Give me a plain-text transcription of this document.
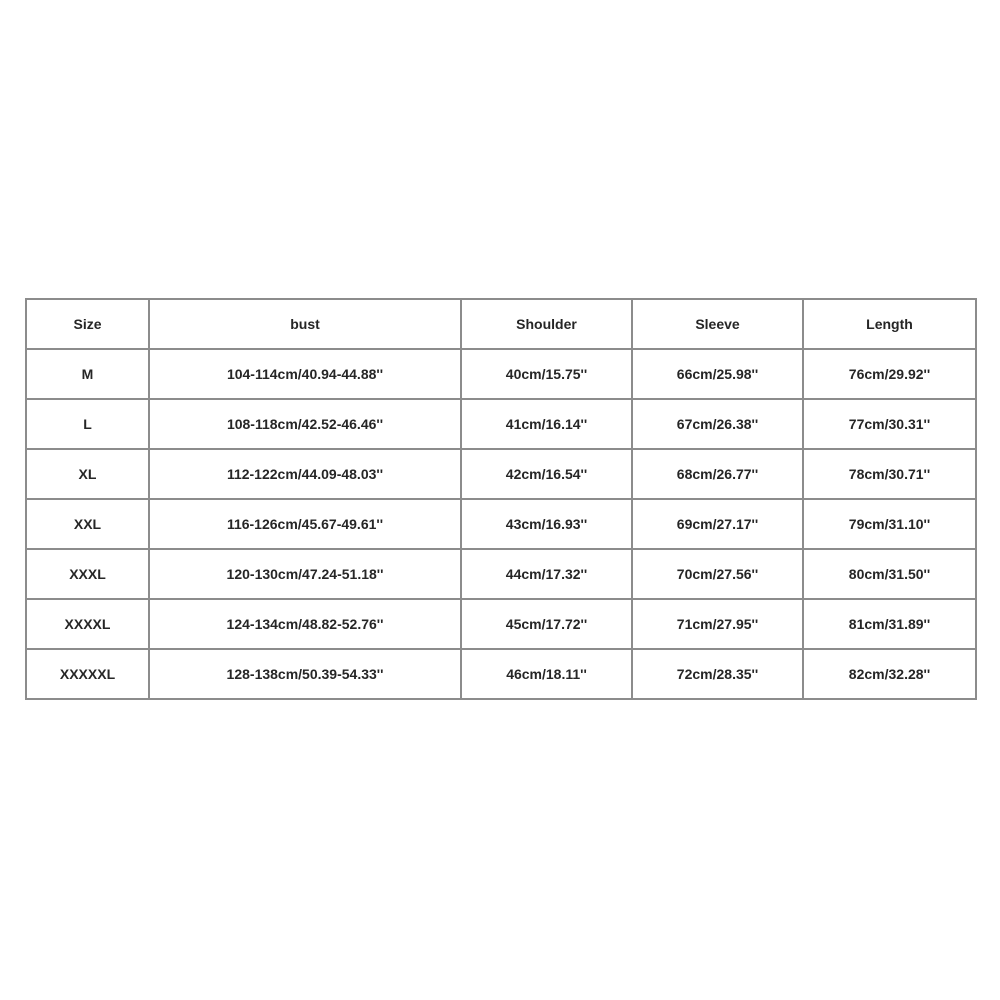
Size	bust	Shoulder	Sleeve	Length
M	104-114cm/40.94-44.88''	40cm/15.75''	66cm/25.98''	76cm/29.92''
L	108-118cm/42.52-46.46''	41cm/16.14''	67cm/26.38''	77cm/30.31''
XL	112-122cm/44.09-48.03''	42cm/16.54''	68cm/26.77''	78cm/30.71''
XXL	116-126cm/45.67-49.61''	43cm/16.93''	69cm/27.17''	79cm/31.10''
XXXL	120-130cm/47.24-51.18''	44cm/17.32''	70cm/27.56''	80cm/31.50''
XXXXL	124-134cm/48.82-52.76''	45cm/17.72''	71cm/27.95''	81cm/31.89''
XXXXXL	128-138cm/50.39-54.33''	46cm/18.11''	72cm/28.35''	82cm/32.28''
